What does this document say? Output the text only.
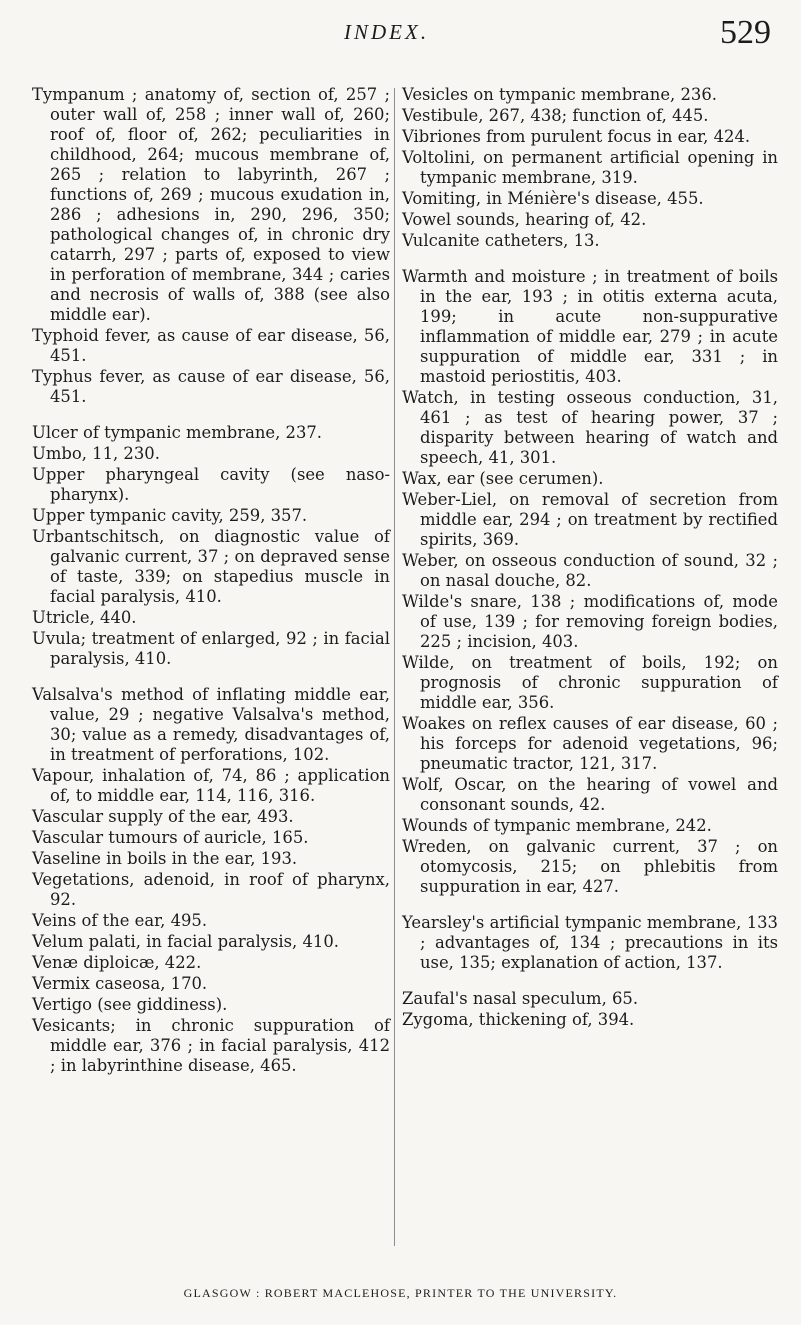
INDEX.	529

Tympanum ; anatomy of, section of, 257 ; outer wall of, 258 ; inner wall of, 260; roof of, floor of, 262; peculiarities in childhood, 264; mucous membrane of, 265 ; relation to labyrinth, 267 ; functions of, 269 ; mucous exudation in, 286 ; adhesions in, 290, 296, 350; pathological changes of, in chronic dry catarrh, 297 ; parts of, exposed to view in perforation of membrane, 344 ; caries and necrosis of walls of, 388 (see also middle ear).

Typhoid fever, as cause of ear disease, 56, 451.

Typhus fever, as cause of ear disease, 56, 451.

Ulcer of tympanic membrane, 237.

Umbo, 11, 230.

Upper pharyngeal cavity (see naso-pharynx).

Upper tympanic cavity, 259, 357.

Urbantschitsch, on diagnostic value of galvanic current, 37 ; on depraved sense of taste, 339; on stapedius muscle in facial paralysis, 410.

Utricle, 440.

Uvula; treatment of enlarged, 92 ; in facial paralysis, 410.

Valsalva's method of inflating middle ear, value, 29 ; negative Valsalva's method, 30; value as a remedy, disadvantages of, in treatment of perforations, 102.

Vapour, inhalation of, 74, 86 ; application of, to middle ear, 114, 116, 316.

Vascular supply of the ear, 493.

Vascular tumours of auricle, 165.

Vaseline in boils in the ear, 193.

Vegetations, adenoid, in roof of pharynx, 92.

Veins of the ear, 495.

Velum palati, in facial paralysis, 410.

Venæ diploicæ, 422.

Vermix caseosa, 170.

Vertigo (see giddiness).

Vesicants; in chronic suppuration of middle ear, 376 ; in facial paralysis, 412 ; in labyrinthine disease, 465.

Vesicles on tympanic membrane, 236.

Vestibule, 267, 438; function of, 445.

Vibriones from purulent focus in ear, 424.

Voltolini, on permanent artificial opening in tympanic membrane, 319.

Vomiting, in Ménière's disease, 455.

Vowel sounds, hearing of, 42.

Vulcanite catheters, 13.

Warmth and moisture ; in treatment of boils in the ear, 193 ; in otitis externa acuta, 199; in acute non-suppurative inflammation of middle ear, 279 ; in acute suppuration of middle ear, 331 ; in mastoid periostitis, 403.

Watch, in testing osseous conduction, 31, 461 ; as test of hearing power, 37 ; disparity between hearing of watch and speech, 41, 301.

Wax, ear (see cerumen).

Weber-Liel, on removal of secretion from middle ear, 294 ; on treatment by rectified spirits, 369.

Weber, on osseous conduction of sound, 32 ; on nasal douche, 82.

Wilde's snare, 138 ; modifications of, mode of use, 139 ; for removing foreign bodies, 225 ; incision, 403.

Wilde, on treatment of boils, 192; on prognosis of chronic suppuration of middle ear, 356.

Woakes on reflex causes of ear disease, 60 ; his forceps for adenoid vegetations, 96; pneumatic tractor, 121, 317.

Wolf, Oscar, on the hearing of vowel and consonant sounds, 42.

Wounds of tympanic membrane, 242.

Wreden, on galvanic current, 37 ; on otomycosis, 215; on phlebitis from suppuration in ear, 427.

Yearsley's artificial tympanic membrane, 133 ; advantages of, 134 ; precautions in its use, 135; explanation of action, 137.

Zaufal's nasal speculum, 65.

Zygoma, thickening of, 394.

GLASGOW : ROBERT MACLEHOSE, PRINTER TO THE UNIVERSITY.
